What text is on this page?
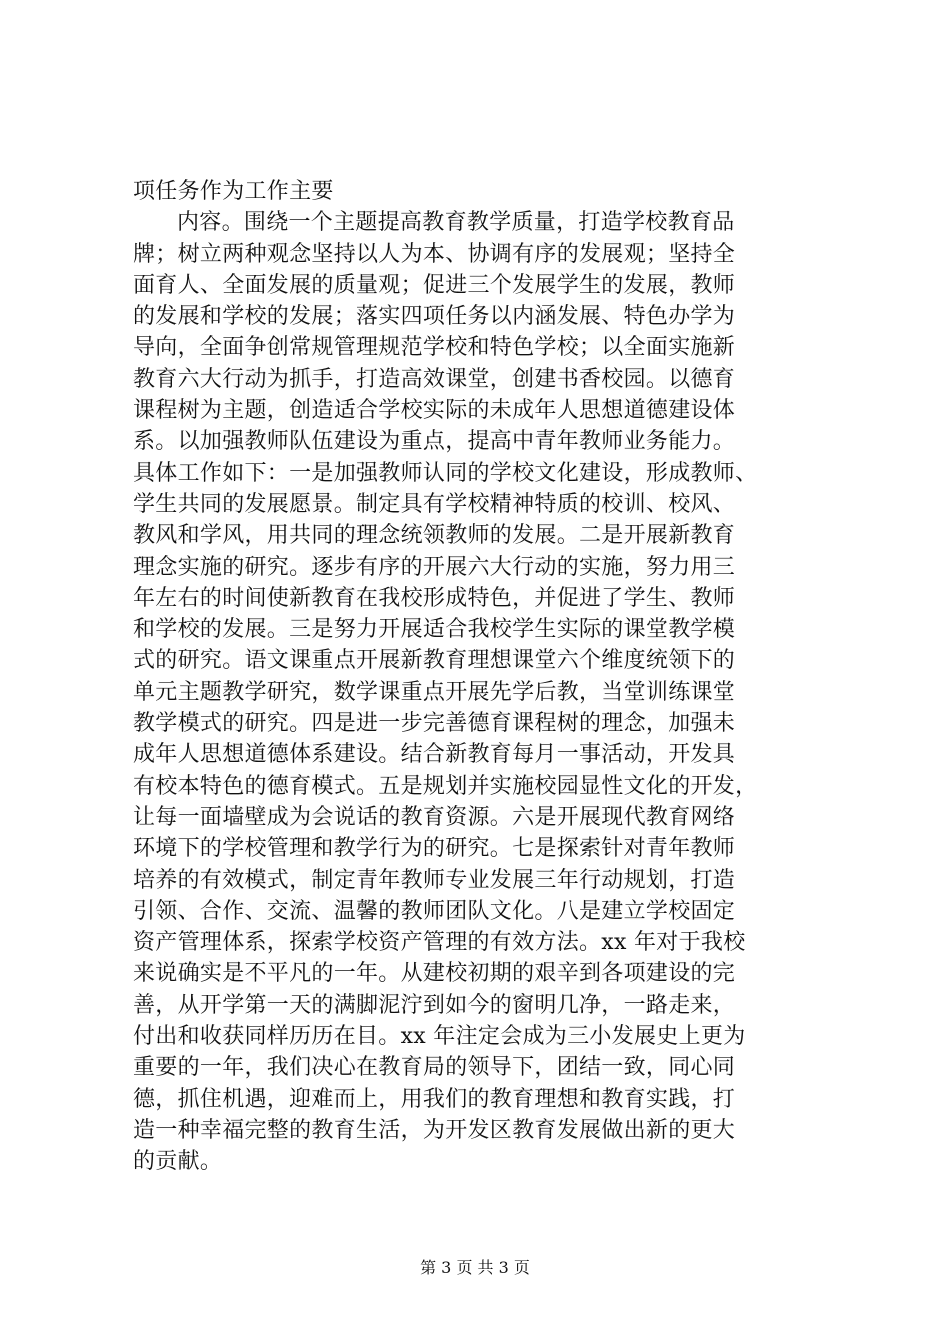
项任务作为工作主要
内容。围绕一个主题提高教育教学质量，打造学校教育品
牌；树立两种观念坚持以人为本、协调有序的发展观；坚持全
面育人、全面发展的质量观；促进三个发展学生的发展，教师
的发展和学校的发展；落实四项任务以内涵发展、特色办学为
导向，全面争创常规管理规范学校和特色学校；以全面实施新
教育六大行动为抓手，打造高效课堂，创建书香校园。以德育
课程树为主题，创造适合学校实际的未成年人思想道德建设体
系。以加强教师队伍建设为重点，提高中青年教师业务能力。
具体工作如下：一是加强教师认同的学校文化建设，形成教师、
学生共同的发展愿景。制定具有学校精神特质的校训、校风、
教风和学风，用共同的理念统领教师的发展。二是开展新教育
理念实施的研究。逐步有序的开展六大行动的实施，努力用三
年左右的时间使新教育在我校形成特色，并促进了学生、教师
和学校的发展。三是努力开展适合我校学生实际的课堂教学模
式的研究。语文课重点开展新教育理想课堂六个维度统领下的
单元主题教学研究，数学课重点开展先学后教，当堂训练课堂
教学模式的研究。四是进一步完善德育课程树的理念，加强未
成年人思想道德体系建设。结合新教育每月一事活动，开发具
有校本特色的德育模式。五是规划并实施校园显性文化的开发，
让每一面墙壁成为会说话的教育资源。六是开展现代教育网络
环境下的学校管理和教学行为的研究。七是探索针对青年教师
培养的有效模式，制定青年教师专业发展三年行动规划，打造
引领、合作、交流、温馨的教师团队文化。八是建立学校固定
资产管理体系，探索学校资产管理的有效方法。xx 年对于我校
来说确实是不平凡的一年。从建校初期的艰辛到各项建设的完
善，从开学第一天的满脚泥泞到如今的窗明几净，一路走来，
付出和收获同样历历在目。xx 年注定会成为三小发展史上更为
重要的一年，我们决心在教育局的领导下，团结一致，同心同
德，抓住机遇，迎难而上，用我们的教育理想和教育实践，打
造一种幸福完整的教育生活，为开发区教育发展做出新的更大
的贡献。
第 3 页 共 3 页
